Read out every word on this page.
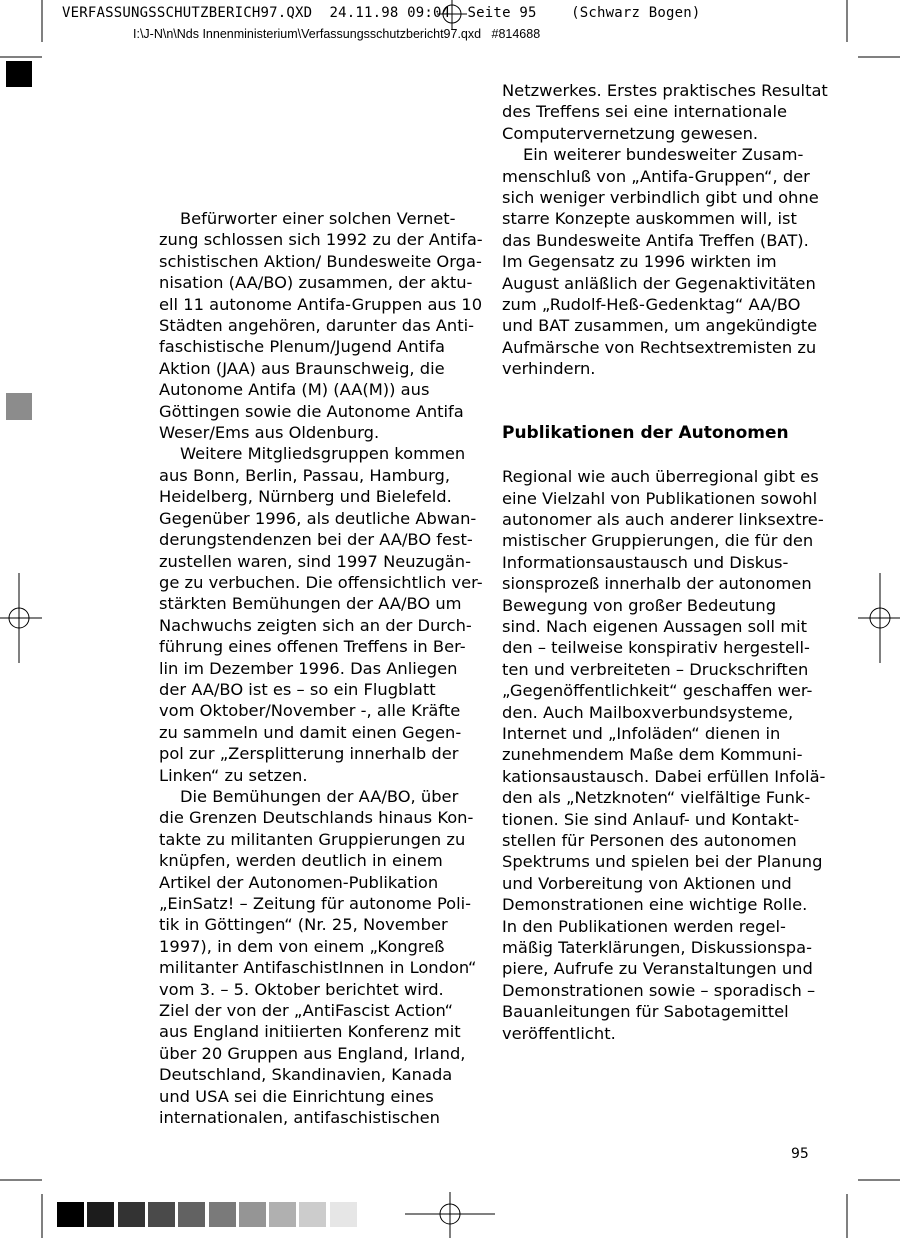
VERFASSUNGSSCHUTZBERICH97.QXD  24.11.98 09:04  Seite 95    (Schwarz Bogen)
I:\J-N\n\Nds Innenministerium\Verfassungsschutzbericht97.qxd   #814688

Befürworter einer solchen Vernet-
zung schlossen sich 1992 zu der Antifa-
schistischen Aktion/ Bundesweite Orga-
nisation (AA/BO) zusammen, der aktu-
ell 11 autonome Antifa-Gruppen aus 10
Städten angehören, darunter das Anti-
faschistische Plenum/Jugend Antifa
Aktion (JAA) aus Braunschweig, die
Autonome Antifa (M) (AA(M)) aus
Göttingen sowie die Autonome Antifa
Weser/Ems aus Oldenburg.

Weitere Mitgliedsgruppen kommen
aus Bonn, Berlin, Passau, Hamburg,
Heidelberg, Nürnberg und Bielefeld.
Gegenüber 1996, als deutliche Abwan-
derungstendenzen bei der AA/BO fest-
zustellen waren, sind 1997 Neuzugän-
ge zu verbuchen. Die offensichtlich ver-
stärkten Bemühungen der AA/BO um
Nachwuchs zeigten sich an der Durch-
führung eines offenen Treffens in Ber-
lin im Dezember 1996. Das Anliegen
der AA/BO ist es – so ein Flugblatt
vom Oktober/November -, alle Kräfte
zu sammeln und damit einen Gegen-
pol zur „Zersplitterung innerhalb der
Linken“ zu setzen.

Die Bemühungen der AA/BO, über
die Grenzen Deutschlands hinaus Kon-
takte zu militanten Gruppierungen zu
knüpfen, werden deutlich in einem
Artikel der Autonomen-Publikation
„EinSatz! – Zeitung für autonome Poli-
tik in Göttingen“ (Nr. 25, November
1997), in dem von einem „Kongreß
militanter AntifaschistInnen in London“
vom 3. – 5. Oktober berichtet wird.
Ziel der von der „AntiFascist Action“
aus England initiierten Konferenz mit
über 20 Gruppen aus England, Irland,
Deutschland, Skandinavien, Kanada
und USA sei die Einrichtung eines
internationalen, antifaschistischen

Netzwerkes. Erstes praktisches Resultat
des Treffens sei eine internationale
Computervernetzung gewesen.

Ein weiterer bundesweiter Zusam-
menschluß von „Antifa-Gruppen“, der
sich weniger verbindlich gibt und ohne
starre Konzepte auskommen will, ist
das Bundesweite Antifa Treffen (BAT).
Im Gegensatz zu 1996 wirkten im
August anläßlich der Gegenaktivitäten
zum „Rudolf-Heß-Gedenktag“ AA/BO
und BAT zusammen, um angekündigte
Aufmärsche von Rechtsextremisten zu
verhindern.

Publikationen der Autonomen

Regional wie auch überregional gibt es
eine Vielzahl von Publikationen sowohl
autonomer als auch anderer linksextre-
mistischer Gruppierungen, die für den
Informationsaustausch und Diskus-
sionsprozeß innerhalb der autonomen
Bewegung von großer Bedeutung
sind. Nach eigenen Aussagen soll mit
den – teilweise konspirativ hergestell-
ten und verbreiteten – Druckschriften
„Gegenöffentlichkeit“ geschaffen wer-
den. Auch Mailboxverbundsysteme,
Internet und „Infoläden“ dienen in
zunehmendem Maße dem Kommuni-
kationsaustausch. Dabei erfüllen Infolä-
den als „Netzknoten“ vielfältige Funk-
tionen. Sie sind Anlauf- und Kontakt-
stellen für Personen des autonomen
Spektrums und spielen bei der Planung
und Vorbereitung von Aktionen und
Demonstrationen eine wichtige Rolle.
In den Publikationen werden regel-
mäßig Taterklärungen, Diskussionspa-
piere, Aufrufe zu Veranstaltungen und
Demonstrationen sowie – sporadisch –
Bauanleitungen für Sabotagemittel
veröffentlicht.

95
